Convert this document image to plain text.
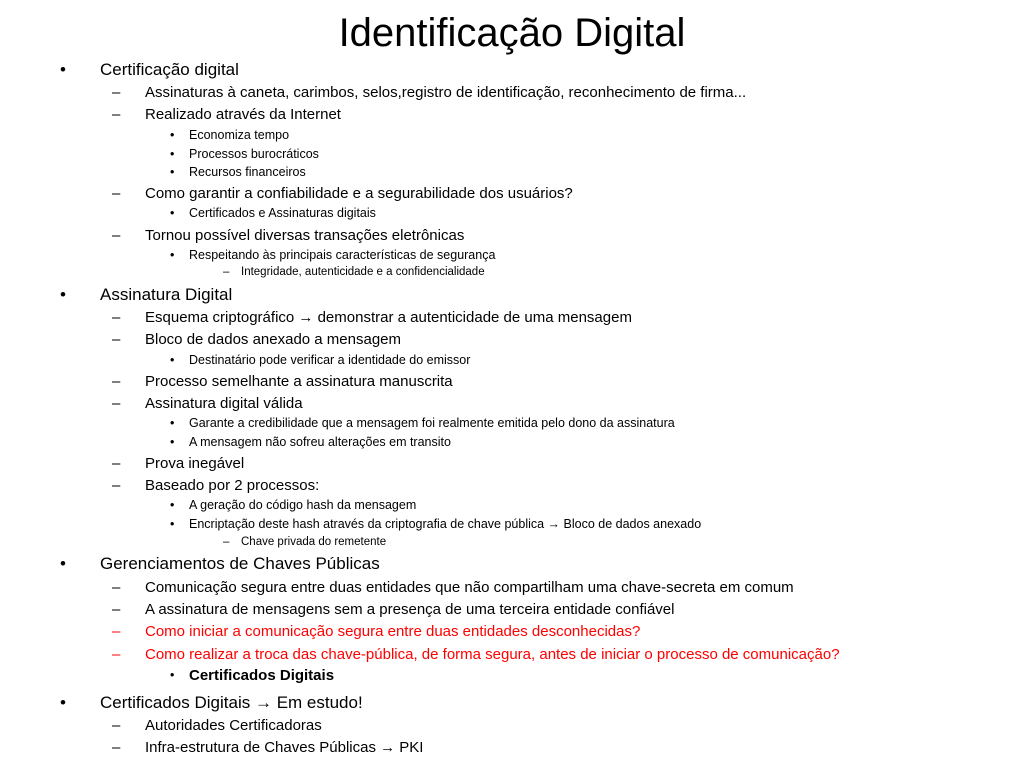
Identificação Digital
• Certificação digital
– Assinaturas à caneta, carimbos, selos,registro de identificação, reconhecimento de firma...
– Realizado através da Internet
• Economiza tempo
• Processos burocráticos
• Recursos financeiros
– Como garantir a confiabilidade e a segurabilidade dos usuários?
• Certificados e Assinaturas digitais
– Tornou possível diversas transações eletrônicas
• Respeitando às principais características de segurança
– Integridade, autenticidade e a confidencialidade
• Assinatura Digital
– Esquema criptográfico → demonstrar a autenticidade de uma mensagem
– Bloco de dados anexado a mensagem
• Destinatário pode verificar a identidade do emissor
– Processo semelhante a assinatura manuscrita
– Assinatura digital válida
• Garante a credibilidade que a mensagem foi realmente emitida pelo dono da assinatura
• A mensagem não sofreu alterações em transito
– Prova inegável
– Baseado por 2 processos:
• A geração do código hash da mensagem
• Encriptação deste hash através da criptografia de chave pública → Bloco de dados anexado
– Chave privada do remetente
• Gerenciamentos de Chaves Públicas
– Comunicação segura entre duas entidades que não compartilham uma chave-secreta em comum
– A assinatura de mensagens sem a presença de uma terceira entidade confiável
– Como iniciar a comunicação segura entre duas entidades desconhecidas?
– Como realizar a troca das chave-pública, de forma segura, antes de iniciar o processo de comunicação?
• Certificados Digitais
• Certificados Digitais → Em estudo!
– Autoridades Certificadoras
– Infra-estrutura de Chaves Públicas → PKI
